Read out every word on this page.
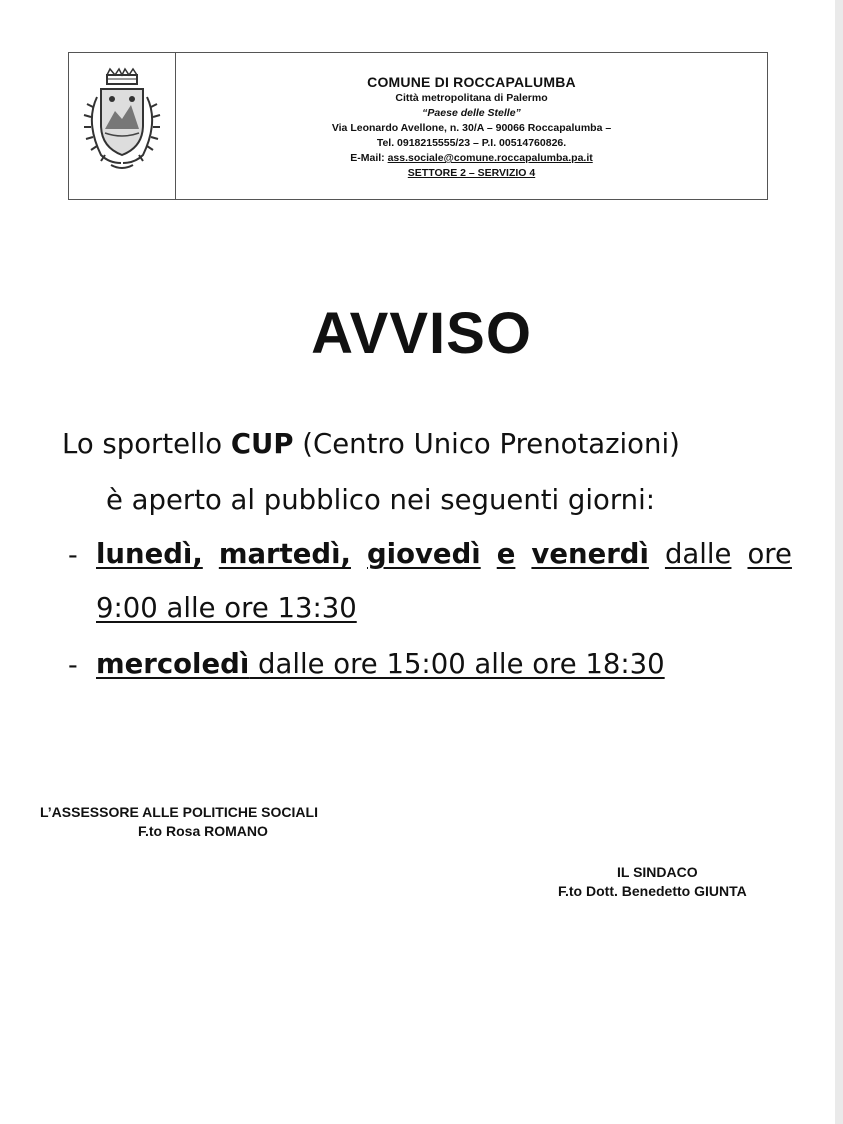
COMUNE DI ROCCAPALUMBA
Città metropolitana di Palermo
“Paese delle Stelle”
Via Leonardo Avellone, n. 30/A – 90066 Roccapalumba –
Tel. 0918215555/23 – P.I. 00514760826.
E-Mail: ass.sociale@comune.roccapalumba.pa.it
SETTORE 2 – SERVIZIO 4
AVVISO
Lo sportello CUP (Centro Unico Prenotazioni)
è aperto al pubblico nei seguenti giorni:
- lunedì, martedì, giovedì e venerdì dalle ore
9:00 alle ore 13:30
- mercoledì dalle ore 15:00 alle ore 18:30
L’ASSESSORE ALLE POLITICHE SOCIALI
F.to Rosa ROMANO
IL SINDACO
F.to Dott. Benedetto GIUNTA
